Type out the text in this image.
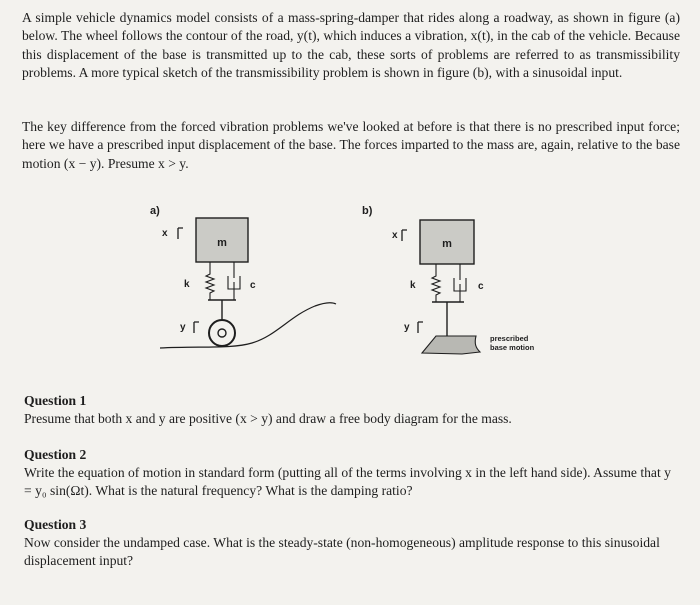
A simple vehicle dynamics model consists of a mass-spring-damper that rides along a roadway, as shown in figure (a) below. The wheel follows the contour of the road, y(t), which induces a vibration, x(t), in the cab of the vehicle. Because this displacement of the base is transmitted up to the cab, these sorts of problems are referred to as transmissibility problems. A more typical sketch of the transmissibility problem is shown in figure (b), with a sinusoidal input.

The key difference from the forced vibration problems we've looked at before is that there is no prescribed input force; here we have a prescribed input displacement of the base. The forces imparted to the mass are, again, relative to the base motion (x − y). Presume x > y.

a)
x
m
k	c
y
b)
x
m
k	c
y
prescribed
base motion
Question 1

Presume that both x and y are positive (x > y) and draw a free body diagram for the mass.

Question 2

Write the equation of motion in standard form (putting all of the terms involving x in the left hand side). Assume that y = y₀ sin(Ωt). What is the natural frequency? What is the damping ratio?

Question 3

Now consider the undamped case. What is the steady-state (non-homogeneous) amplitude response to this sinusoidal displacement input?
